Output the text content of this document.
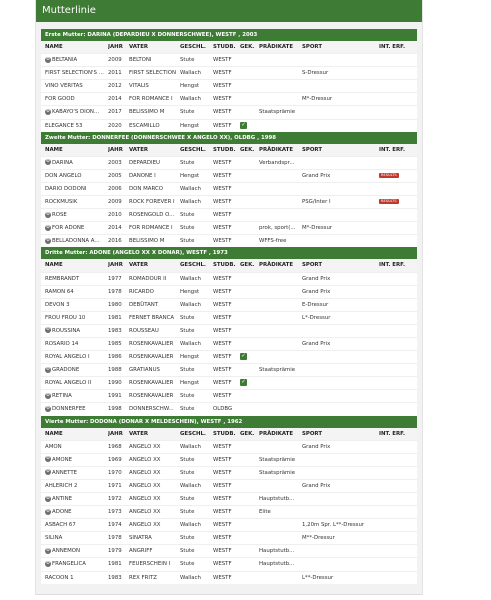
Mutterlinie
Erste Mutter: DARINA (DEPARDIEU X DONNERSCHWEE), WESTF , 2003
NAME	JAHR	VATER	GESCHL.	STUDB.	GEK.	PRÄDIKATE	SPORT	INT. ERF.
⚙ BELTANIA	2009	BELTONI	Stute	WESTF				
FIRST SELECTION'S ...	2011	FIRST SELECTION	Wallach	WESTF			S-Dressur	
VINO VERITAS	2012	VITALIS	Hengst	WESTF				
FOR GOOD	2014	FOR ROMANCE I	Wallach	WESTF			M*-Dressur	
⚙ KABAYO'S DION...	2017	BELISSIMO M	Stute	WESTF		Staatsprämie		
ELEGANCE 53	2020	ESCAMILLO	Hengst	WESTF	✓			
Zweite Mutter: DONNERFEE (DONNERSCHWEE X ANGELO XX), OLDBG , 1998
NAME	JAHR	VATER	GESCHL.	STUDB.	GEK.	PRÄDIKATE	SPORT	INT. ERF.
⚙ DARINA	2003	DEPARDIEU	Stute	WESTF		Verbandspr...		
DON ANGELO	2005	DANONE I	Hengst	WESTF			Grand Prix	RESULTS
DARIO DODONI	2006	DON MARCO	Wallach	WESTF				
ROCKMUSIK	2009	ROCK FOREVER I	Wallach	WESTF			PSG/Inter I	RESULTS
⚙ ROSE	2010	ROSENGOLD O...	Stute	WESTF				
⚙ FOR ADONE	2014	FOR ROMANCE I	Stute	WESTF		prok, sport(...	M*-Dressur	
⚙ BELLADONNA A...	2016	BELISSIMO M	Stute	WESTF		WFFS-free		
Dritte Mutter: ADONE (ANGELO XX X DONAR), WESTF , 1973
NAME	JAHR	VATER	GESCHL.	STUDB.	GEK.	PRÄDIKATE	SPORT	INT. ERF.
REMBRANDT	1977	ROMADOUR II	Wallach	WESTF			Grand Prix	
RAMON 64	1978	RICARDO	Hengst	WESTF			Grand Prix	
DEVON 3	1980	DEBÜTANT	Wallach	WESTF			E-Dressur	
FROU FROU 10	1981	FERNET BRANCA	Stute	WESTF			L*-Dressur	
⚙ ROUSSINA	1983	ROUSSEAU	Stute	WESTF				
ROSARIO 14	1985	ROSENKAVALIER	Wallach	WESTF			Grand Prix	
ROYAL ANGELO I	1986	ROSENKAVALIER	Hengst	WESTF	✓			
⚙ GRADONE	1988	GRATIANUS	Stute	WESTF		Staatsprämie		
ROYAL ANGELO II	1990	ROSENKAVALIER	Hengst	WESTF	✓			
⚙ RETINA	1991	ROSENKAVALIER	Stute	WESTF				
⚙ DONNERFEE	1998	DONNERSCHW...	Stute	OLDBG				
Vierte Mutter: DODONA (DONAR X MELDESCHEIN), WESTF , 1962
NAME	JAHR	VATER	GESCHL.	STUDB.	GEK.	PRÄDIKATE	SPORT	INT. ERF.
AMON	1968	ANGELO XX	Wallach	WESTF			Grand Prix	
⚙ AMONE	1969	ANGELO XX	Stute	WESTF		Staatsprämie		
⚙ ANNETTE	1970	ANGELO XX	Stute	WESTF		Staatsprämie		
AHLERICH 2	1971	ANGELO XX	Wallach	WESTF			Grand Prix	
⚙ ANTINE	1972	ANGELO XX	Stute	WESTF		Hauptstutb...		
⚙ ADONE	1973	ANGELO XX	Stute	WESTF		Elite		
ASBACH 67	1974	ANGELO XX	Wallach	WESTF			1,20m Spr. L**-Dressur	
SILINA	1978	SINATRA	Stute	WESTF			M**-Dressur	
⚙ ANNEMON	1979	ANGRIFF	Stute	WESTF		Hauptstutb...		
⚙ FRANGELICA	1981	FEUERSCHEIN I	Stute	WESTF		Hauptstutb...		
RACOON 1	1983	REX FRITZ	Wallach	WESTF			L**-Dressur	
